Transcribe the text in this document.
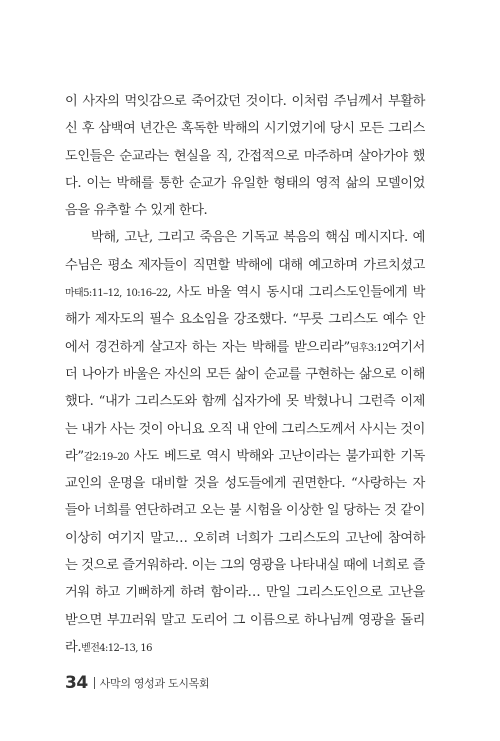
이 사자의 먹잇감으로 죽어갔던 것이다. 이처럼 주님께서 부활하
신 후 삼백여 년간은 혹독한 박해의 시기였기에 당시 모든 그리스
도인들은 순교라는 현실을 직, 간접적으로 마주하며 살아가야 했
다. 이는 박해를 통한 순교가 유일한 형태의 영적 삶의 모델이었
음을 유추할 수 있게 한다.
박해, 고난, 그리고 죽음은 기독교 복음의 핵심 메시지다. 예
수님은 평소 제자들이 직면할 박해에 대해 예고하며 가르치셨고
마태5:11–12, 10:16–22, 사도 바울 역시 동시대 그리스도인들에게 박
해가 제자도의 필수 요소임을 강조했다. “무릇 그리스도 예수 안
에서 경건하게 살고자 하는 자는 박해를 받으리라”딤후3:12여기서
더 나아가 바울은 자신의 모든 삶이 순교를 구현하는 삶으로 이해
했다. “내가 그리스도와 함께 십자가에 못 박혔나니 그런즉 이제
는 내가 사는 것이 아니요 오직 내 안에 그리스도께서 사시는 것이
라”갈2:19–20 사도 베드로 역시 박해와 고난이라는 불가피한 기독
교인의 운명을 대비할 것을 성도들에게 권면한다. “사랑하는 자
들아 너희를 연단하려고 오는 불 시험을 이상한 일 당하는 것 같이
이상히 여기지 말고… 오히려 너희가 그리스도의 고난에 참여하
는 것으로 즐거워하라. 이는 그의 영광을 나타내실 때에 너희로 즐
거워 하고 기뻐하게 하려 함이라… 만일 그리스도인으로 고난을
받으면 부끄러워 말고 도리어 그 이름으로 하나님께 영광을 돌리
라.벧전4:12–13, 16
34 사막의 영성과 도시목회
